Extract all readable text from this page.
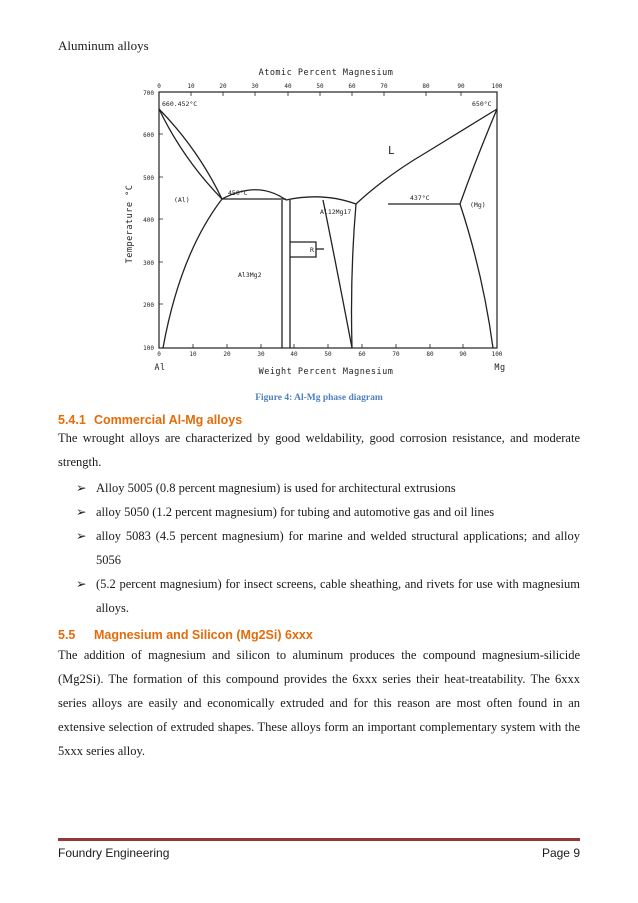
Aluminum alloys
Atomic Percent Magnesium
Weight Percent Magnesium
Temperature °C
0	10	20	30	40	50	60	70	80	90	100
0	10	20	30	40	50	60	70	80	90	100
700
600
500
400
300
200
100
Al	Mg
660.452°C	650°C
L
(Al)
(Mg)
450°C
437°C
Al12Mg17
Al3Mg2
R
Figure 4: Al-Mg phase diagram
5.4.1 Commercial Al-Mg alloys

The wrought alloys are characterized by good weldability, good corrosion resistance, and moderate strength.

➢ Alloy 5005 (0.8 percent magnesium) is used for architectural extrusions
➢ alloy 5050 (1.2 percent magnesium) for tubing and automotive gas and oil lines
➢ alloy 5083 (4.5 percent magnesium) for marine and welded structural applications; and alloy 5056
➢ (5.2 percent magnesium) for insect screens, cable sheathing, and rivets for use with magnesium alloys.
5.5 Magnesium and Silicon (Mg2Si) 6xxx

The addition of magnesium and silicon to aluminum produces the compound magnesium-silicide (Mg2Si). The formation of this compound provides the 6xxx series their heat-treatability. The 6xxx series alloys are easily and economically extruded and for this reason are most often found in an extensive selection of extruded shapes. These alloys form an important complementary system with the 5xxx series alloy.

Foundry Engineering	Page 9
